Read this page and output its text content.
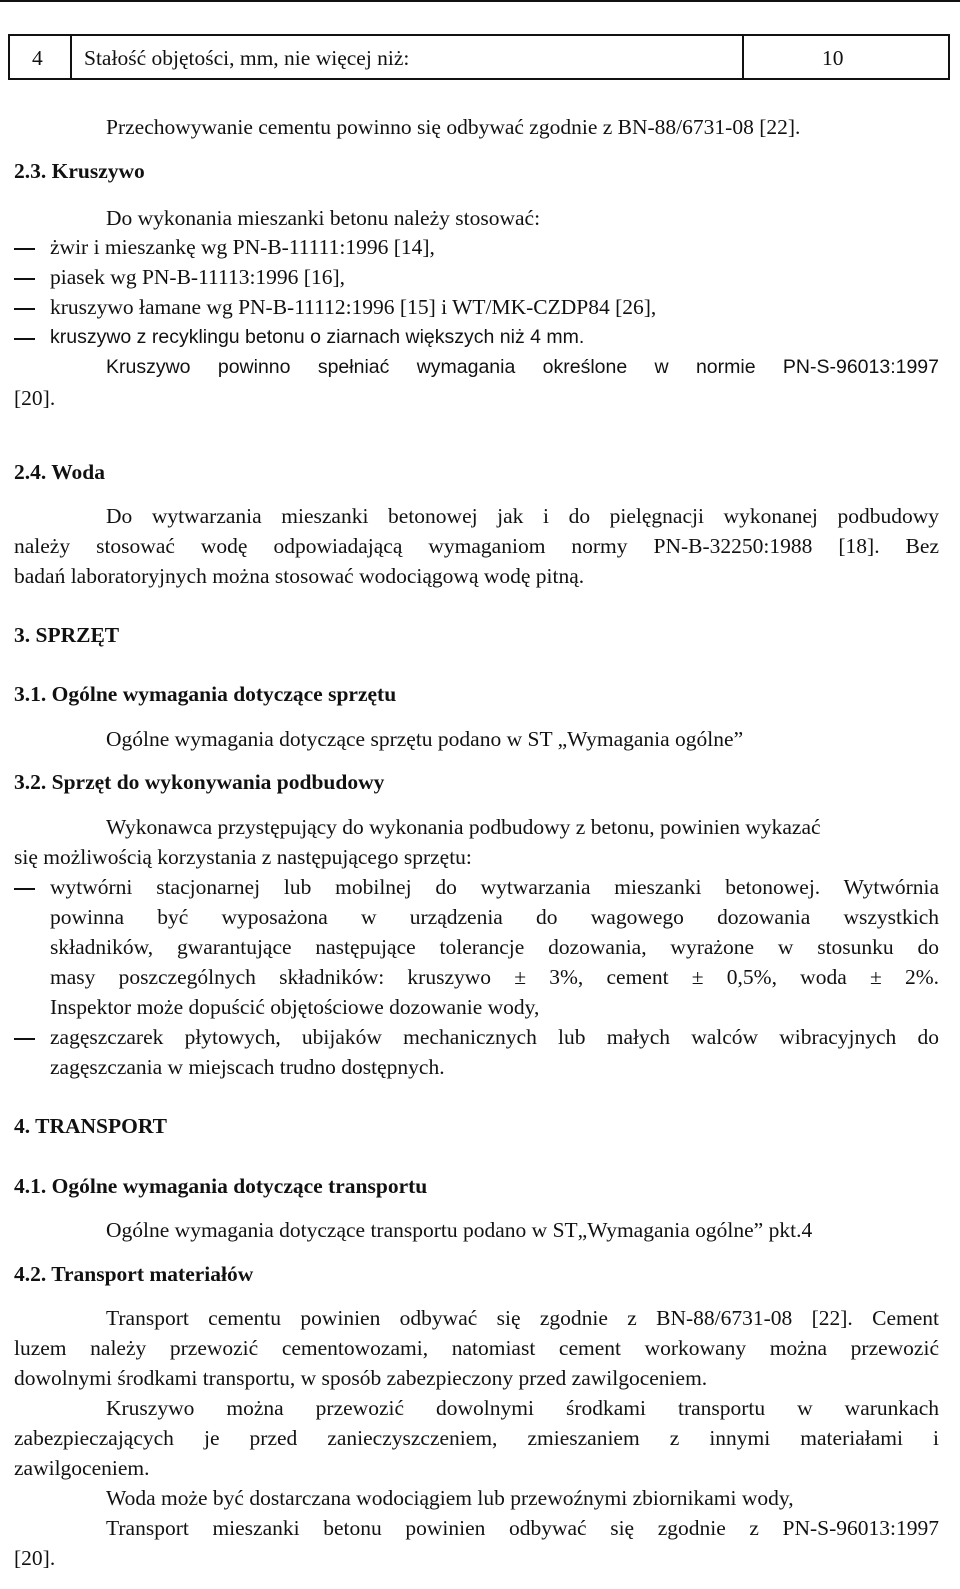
4 Stałość objętości, mm, nie więcej niż:	10
Przechowywanie cementu powinno się odbywać zgodnie z BN-88/6731-08 [22].
2.3. Kruszywo
Do wykonania mieszanki betonu należy stosować:
żwir i mieszankę wg PN-B-11111:1996 [14],
piasek wg PN-B-11113:1996 [16],
kruszywo łamane wg PN-B-11112:1996 [15] i WT/MK-CZDP84 [26],
kruszywo z recyklingu betonu o ziarnach większych niż 4 mm.
Kruszywo powinno spełniać wymagania określone w normie PN-S-96013:1997
[20].
2.4. Woda
Do wytwarzania mieszanki betonowej jak i do pielęgnacji wykonanej podbudowy
należy stosować wodę odpowiadającą wymaganiom normy PN-B-32250:1988 [18]. Bez
badań laboratoryjnych można stosować wodociągową wodę pitną.
3. SPRZĘT
3.1. Ogólne wymagania dotyczące sprzętu
Ogólne wymagania dotyczące sprzętu podano w ST „Wymagania ogólne”
3.2. Sprzęt do wykonywania podbudowy
Wykonawca przystępujący do wykonania podbudowy z betonu, powinien wykazać
się możliwością korzystania z następującego sprzętu:
wytwórni stacjonarnej lub mobilnej do wytwarzania mieszanki betonowej. Wytwórnia
powinna być wyposażona w urządzenia do wagowego dozowania wszystkich
składników, gwarantujące następujące tolerancje dozowania, wyrażone w stosunku do
masy poszczególnych składników: kruszywo ± 3%, cement ± 0,5%, woda ± 2%.
Inspektor może dopuścić objętościowe dozowanie wody,
zagęszczarek płytowych, ubijaków mechanicznych lub małych walców wibracyjnych do
zagęszczania w miejscach trudno dostępnych.
4. TRANSPORT
4.1. Ogólne wymagania dotyczące transportu
Ogólne wymagania dotyczące transportu podano w ST„Wymagania ogólne” pkt.4
4.2. Transport materiałów
Transport cementu powinien odbywać się zgodnie z BN-88/6731-08 [22]. Cement
luzem należy przewozić cementowozami, natomiast cement workowany można przewozić
dowolnymi środkami transportu, w sposób zabezpieczony przed zawilgoceniem.
Kruszywo można przewozić dowolnymi środkami transportu w warunkach
zabezpieczających je przed zanieczyszczeniem, zmieszaniem z innymi materiałami i
zawilgoceniem.
Woda może być dostarczana wodociągiem lub przewoźnymi zbiornikami wody,
Transport mieszanki betonu powinien odbywać się zgodnie z PN-S-96013:1997
[20].
